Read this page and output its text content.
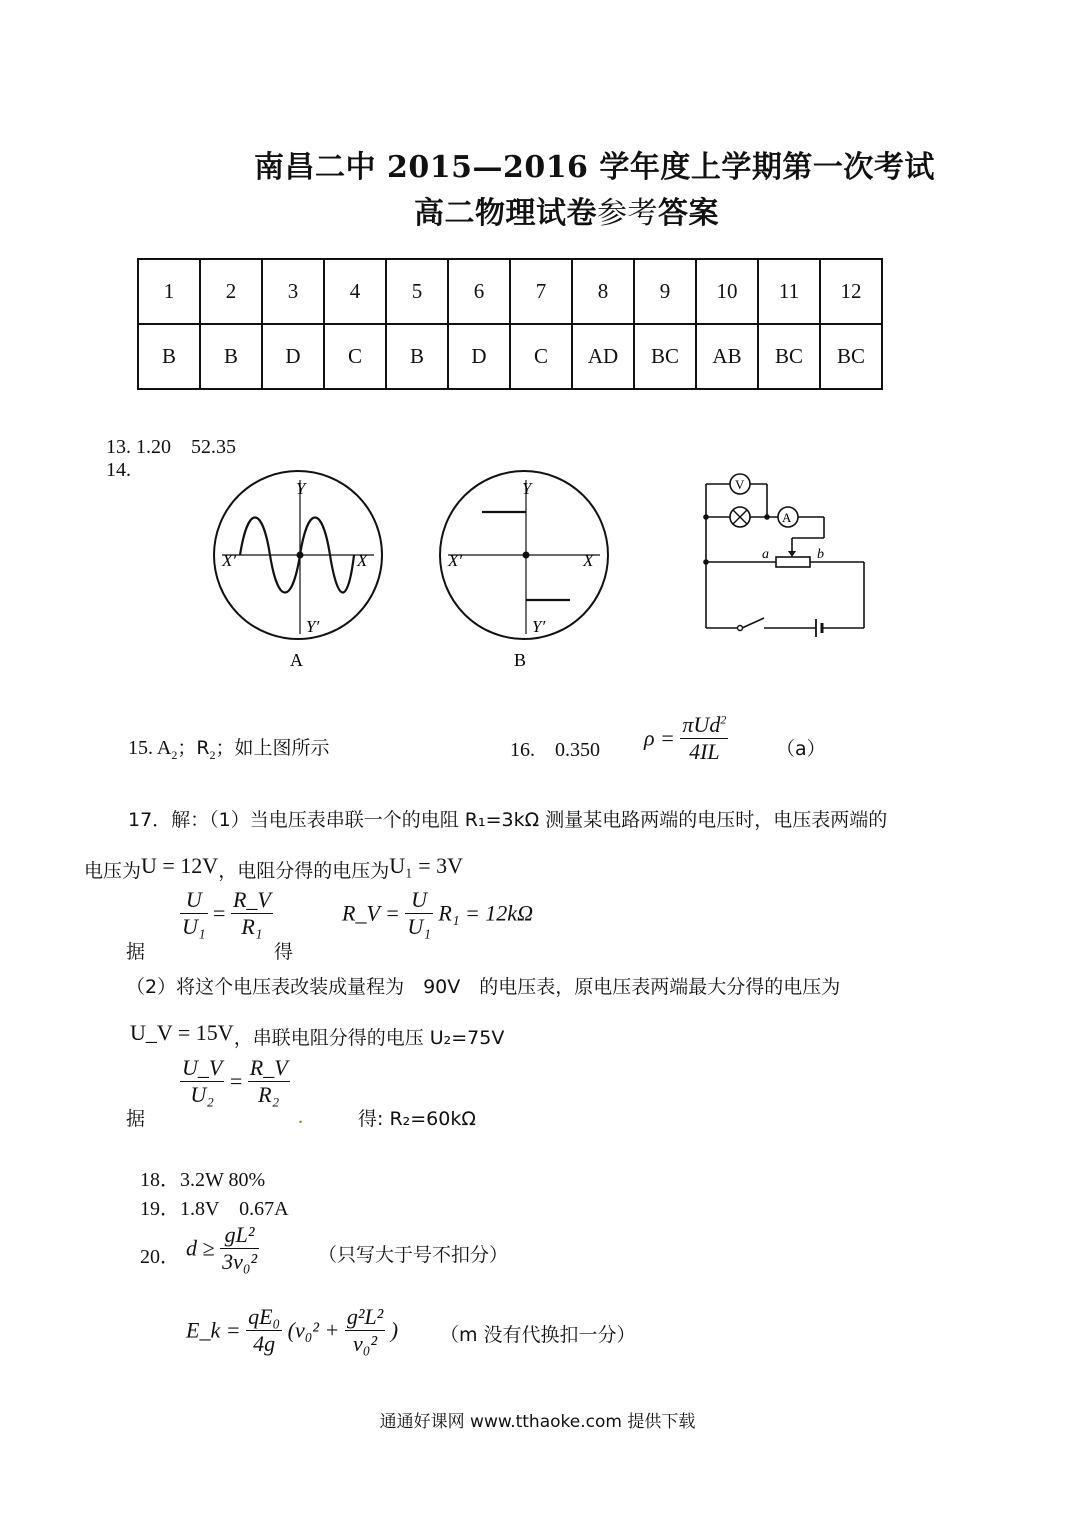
南昌二中 2015—2016 学年度上学期第一次考试
高二物理试卷参考答案
1	2	3	4	5	6	7	8	9	10	11	12
B	B	D	C	B	D	C	AD	BC	AB	BC	BC
13. 1.20　52.35
14.
Y
Y′
X′	X
A
Y
Y′
X′	X
B
V
A
a	b
15. $A_2$；$R_2$；如上图所示	16.　0.350 $\rho = \frac{\pi Ud^2}{4IL}$	（a）
17．解：（1）当电压表串联一个的电阻 R₁=3kΩ 测量某电路两端的电压时，电压表两端的
电压为U = 12V，电阻分得的电压为U₁ = 3V
据
$\frac{U}{\text{U₁}} = \frac{R\_V}{\text{R₁}}$
得
R_V = $\frac{U}{\text{U₁}} R_1 = 12k\Omega$
（2）将这个电压表改装成量程为　90V　的电压表，原电压表两端最大分得的电压为
U_V = 15V，串联电阻分得的电压 U₂=75V
据
$\frac{U\_V}{\text{U₂}} = \frac{R\_V}{\text{R₂}}$
.	得: R₂=60kΩ
18．3.2W 80%
19．1.8V　0.67A
20． $d \ge \frac{\text{gL²}}{\text{3v₀²}}$	（只写大于号不扣分）
E_k = $\frac{\text{qE₀}}{4g} (v_0^2 + \frac{\text{g²L²}}{\text{v₀²}}$ ) （m 没有代换扣一分）
通通好课网 www.tthaoke.com 提供下载
